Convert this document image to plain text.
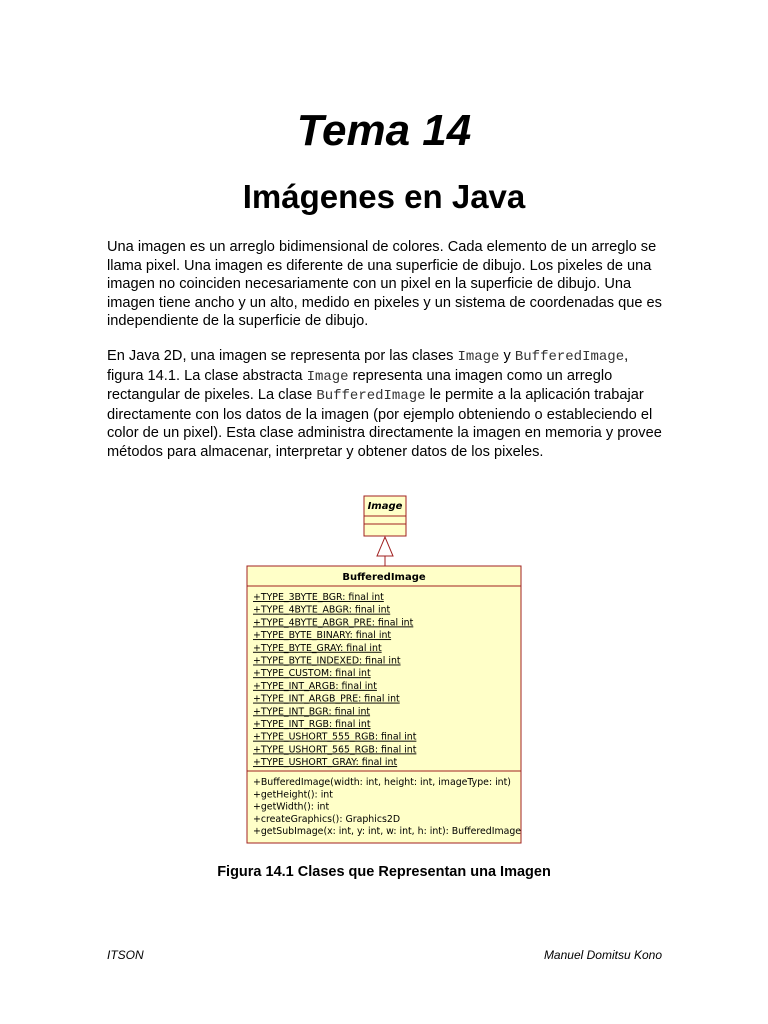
Tema 14
Imágenes en Java

Una imagen es un arreglo bidimensional de colores. Cada elemento de un arreglo se llama pixel. Una imagen es diferente de una superficie de dibujo. Los pixeles de una imagen no coinciden necesariamente con un pixel en la superficie de dibujo. Una imagen tiene ancho y un alto, medido en pixeles y un sistema de coordenadas que es independiente de la superficie de dibujo.

En Java 2D, una imagen se representa por las clases Image y BufferedImage, figura 14.1. La clase abstracta Image representa una imagen como un arreglo rectangular de pixeles. La clase BufferedImage le permite a la aplicación trabajar directamente con los datos de la imagen (por ejemplo obteniendo o estableciendo el color de un pixel). Esta clase administra directamente la imagen en memoria y provee métodos para almacenar, interpretar y obtener datos de los pixeles.

Image
BufferedImage
+TYPE_3BYTE_BGR: final int
+TYPE_4BYTE_ABGR: final int
+TYPE_4BYTE_ABGR_PRE: final int
+TYPE_BYTE_BINARY: final int
+TYPE_BYTE_GRAY: final int
+TYPE_BYTE_INDEXED: final int
+TYPE_CUSTOM: final int
+TYPE_INT_ARGB: final int
+TYPE_INT_ARGB_PRE: final int
+TYPE_INT_BGR: final int
+TYPE_INT_RGB: final int
+TYPE_USHORT_555_RGB: final int
+TYPE_USHORT_565_RGB: final int
+TYPE_USHORT_GRAY: final int
+BufferedImage(width: int, height: int, imageType: int)
+getHeight(): int
+getWidth(): int
+createGraphics(): Graphics2D
+getSubImage(x: int, y: int, w: int, h: int): BufferedImage

Figura 14.1 Clases que Representan una Imagen

ITSON	Manuel Domitsu Kono
